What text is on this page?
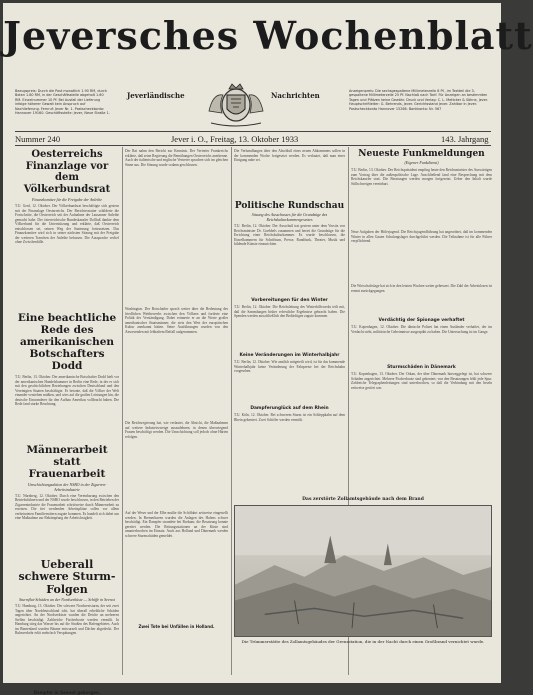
Jeversches Wochenblatt
Bezugspreis: Durch die Post monatlich 1.90 RM, durch Boten 1.80 RM, in der Geschäftsstelle abgeholt 1.60 RM. Einzelnummer 10 Pf. Bei Ausfall der Lieferung infolge höherer Gewalt kein Anspruch auf Nachlieferung. Fernruf: Jever Nr. 1. Postscheckkonto: Hannover 19160. Geschäftsstelle: Jever, Neue Straße 1.
Jeverländische	Nachrichten	Anzeigenpreis: Die sechsgespaltene Millimeterzeile 8 Pf., im Textteil die 3-gespaltene Millimeterzeile 25 Pf. Nachlaß nach Tarif. Für Anzeigen an bestimmten Tagen und Plätzen keine Gewähr. Druck und Verlag: C. L. Mettcker & Söhne, Jever. Hauptschriftleiter: G. Behrends, Jever. Gerichtsstand Jever. Zahlbar in Jever. Postscheckkonto Hannover 15266. Bankkonto: Nr. 567
Nummer 240	Jever i. O., Freitag, 13. Oktober 1933	143. Jahrgang
Oesterreichs Finanzlage vor dem Völkerbundsrat
Finanzkomitee für die Freigabe der Anleihe
T.U. Genf, 12. Oktober. Der Völkerbundsrat beschäftigte sich gestern mit der Finanzlage Oesterreichs. Der Berichterstatter schilderte die Fortschritte, die Oesterreich seit der Aufnahme der Lausanner Anleihe gemacht habe. Der österreichische Bundeskanzler Dollfuß dankte dem Völkerbund für die Unterstützung und erklärte, daß Oesterreich entschlossen sei, seinen Weg der Sanierung fortzusetzen. Das Finanzkomitee wird sich in seiner nächsten Sitzung mit der Freigabe der weiteren Tranchen der Anleihe befassen. Die Aussprache verlief ohne Zwischenfälle.
Eine beachtliche Rede des amerikanischen Botschafters Dodd
T.U. Berlin, 13. Oktober. Der amerikanische Botschafter Dodd hielt vor der amerikanischen Handelskammer in Berlin eine Rede, in der er sich mit den geschichtlichen Beziehungen zwischen Deutschland und den Vereinigten Staaten beschäftigte. Er betonte, daß die Völker der Welt einander verstehen müßten, und wies auf die großen Leistungen hin, die deutsche Einwanderer für den Aufbau Amerikas vollbracht haben. Die Rede fand starke Beachtung.
Männerarbeit statt Frauenarbeit
Umschichtungsaktion der NSBO in der Zigarren-Arbeitsindustrie
T.U. Nürnberg, 12. Oktober. Durch eine Vereinbarung zwischen den Betriebsführern und der NSBO wurde beschlossen, in den Betrieben der Zigarrenindustrie die Frauenarbeit schrittweise durch Männerarbeit zu ersetzen. Die frei werdenden Arbeitsplätze sollen vor allem verheirateten Familienvätern zugute kommen. Es handelt sich dabei um eine Maßnahme zur Bekämpfung der Arbeitslosigkeit.
Ueberall schwere Sturm-Folgen
Sturmflut-Schäden an der Nordseeküste — Schiffe in Seenot
T.U. Hamburg, 13. Oktober. Der schwere Nordweststurm, der seit zwei Tagen über Norddeutschland tobt, hat überall erhebliche Schäden angerichtet. An der Nordseeküste wurden die Deiche an mehreren Stellen beschädigt. Zahlreiche Fischerboote werden vermißt. In Hamburg stieg das Wasser bis auf die Straßen des Hafengebietes. Auch im Binnenland wurden Bäume entwurzelt und Dächer abgedeckt. Der Bahnverkehr erlitt mehrfach Verspätungen.
Dampfer in Seenot geborgen.
Der Rat nahm den Bericht zur Kenntnis. Der Vertreter Frankreichs erklärte, daß seine Regierung die Bemühungen Oesterreichs anerkenne. Auch der italienische und englische Vertreter sprachen sich im gleichen Sinne aus. Die Sitzung wurde sodann geschlossen.
Washington. Der Botschafter sprach weiter über die Bedeutung des friedlichen Wettbewerbs zwischen den Völkern und forderte eine Politik der Verständigung. Dabei erinnerte er an die Worte großer amerikanischer Staatsmänner, die stets den Wert der europäischen Kultur anerkannt hätten. Seine Ausführungen wurden von den Anwesenden mit lebhaftem Beifall aufgenommen.
Die Reichsregierung hat, wie verlautet, die Absicht, die Maßnahmen auf weitere Industriezweige auszudehnen, in denen überwiegend Frauen beschäftigt werden. Die Umschichtung soll jedoch ohne Härten erfolgen.
Auf der Weser und der Elbe mußte die Schiffahrt zeitweise eingestellt werden. In Bremerhaven wurden die Anlagen des Hafens schwer beschädigt. Ein Dampfer strandete bei Borkum; die Besatzung konnte gerettet werden. Die Rettungsstationen an der Küste sind ununterbrochen im Einsatz. Auch aus Holland und Dänemark werden schwere Sturmschäden gemeldet.
Zwei Tote bei Unfällen in Holland.
Die Verhandlungen über den Abschluß eines neuen Abkommens sollen in der kommenden Woche fortgesetzt werden. Es verlautet, daß man einer Einigung nahe sei.
Politische Rundschau
Sitzung des Ausschusses für die Grundzüge des Reichskulturkammergesetzes
T.U. Berlin, 12. Oktober. Der Ausschuß trat gestern unter dem Vorsitz von Reichsminister Dr. Goebbels zusammen und beriet die Grundzüge für die Errichtung einer Reichskulturkammer. Es wurde beschlossen, die Einzelkammern für Schrifttum, Presse, Rundfunk, Theater, Musik und bildende Künste einzurichten.
Vorbereitungen für den Winter
T.U. Berlin, 12. Oktober. Die Reichsleitung des Winterhilfswerks teilt mit, daß die Sammlungen bisher erfreuliche Ergebnisse gebracht haben. Die Spenden werden ausschließlich den Bedürftigen zugute kommen.
Keine Veränderungen im Winterhalbjahr
T.U. Berlin, 12. Oktober. Wie amtlich mitgeteilt wird, ist für das kommende Winterhalbjahr keine Veränderung der Fahrpreise bei der Reichsbahn vorgesehen.
Dampferunglück auf dem Rhein
T.U. Köln, 12. Oktober. Bei schwerem Sturm ist ein Schleppkahn auf dem Rhein gekentert. Zwei Schiffer werden vermißt.
Das zerstörte Zollamtsgebäude nach dem Brand
Die Trümmerstätte des Zollamtsgebäudes der Grenzstation, die in der Nacht durch einen Großbrand vernichtet wurde.
Neueste Funkmeldungen
(Eigener Funkdienst)
T.U. Berlin, 13. Oktober. Der Reichspräsident empfing heute den Reichsminister des Auswärtigen zum Vortrag über die außenpolitische Lage. Anschließend fand eine Besprechung mit dem Reichskanzler statt. Die Beratungen werden morgen fortgesetzt. Ueber den Inhalt wurde Stillschweigen vereinbart.
Neue Aufgaben der Hitlerjugend. Die Reichsjugendführung hat angeordnet, daß im kommenden Winter in allen Gauen Schulungslager durchgeführt werden. Die Teilnahme ist für alle Führer verpflichtend.
Die Wirtschaftslage hat sich in den letzten Wochen weiter gebessert. Die Zahl der Arbeitslosen ist erneut zurückgegangen.
Verdächtig der Spionage verhaftet
T.U. Kopenhagen, 12. Oktober. Die dänische Polizei hat einen Ausländer verhaftet, der im Verdacht steht, militärische Geheimnisse ausgespäht zu haben. Die Untersuchung ist im Gange.
Sturmschäden in Dänemark
T.U. Kopenhagen, 13. Oktober. Der Orkan, der über Dänemark hinweggefegt ist, hat schwere Schäden angerichtet. Mehrere Fischerboote sind gekentert; von den Besatzungen fehlt jede Spur. Zahlreiche Telegraphenleitungen sind unterbrochen, so daß die Verbindung mit den Inseln zeitweise gestört war.
